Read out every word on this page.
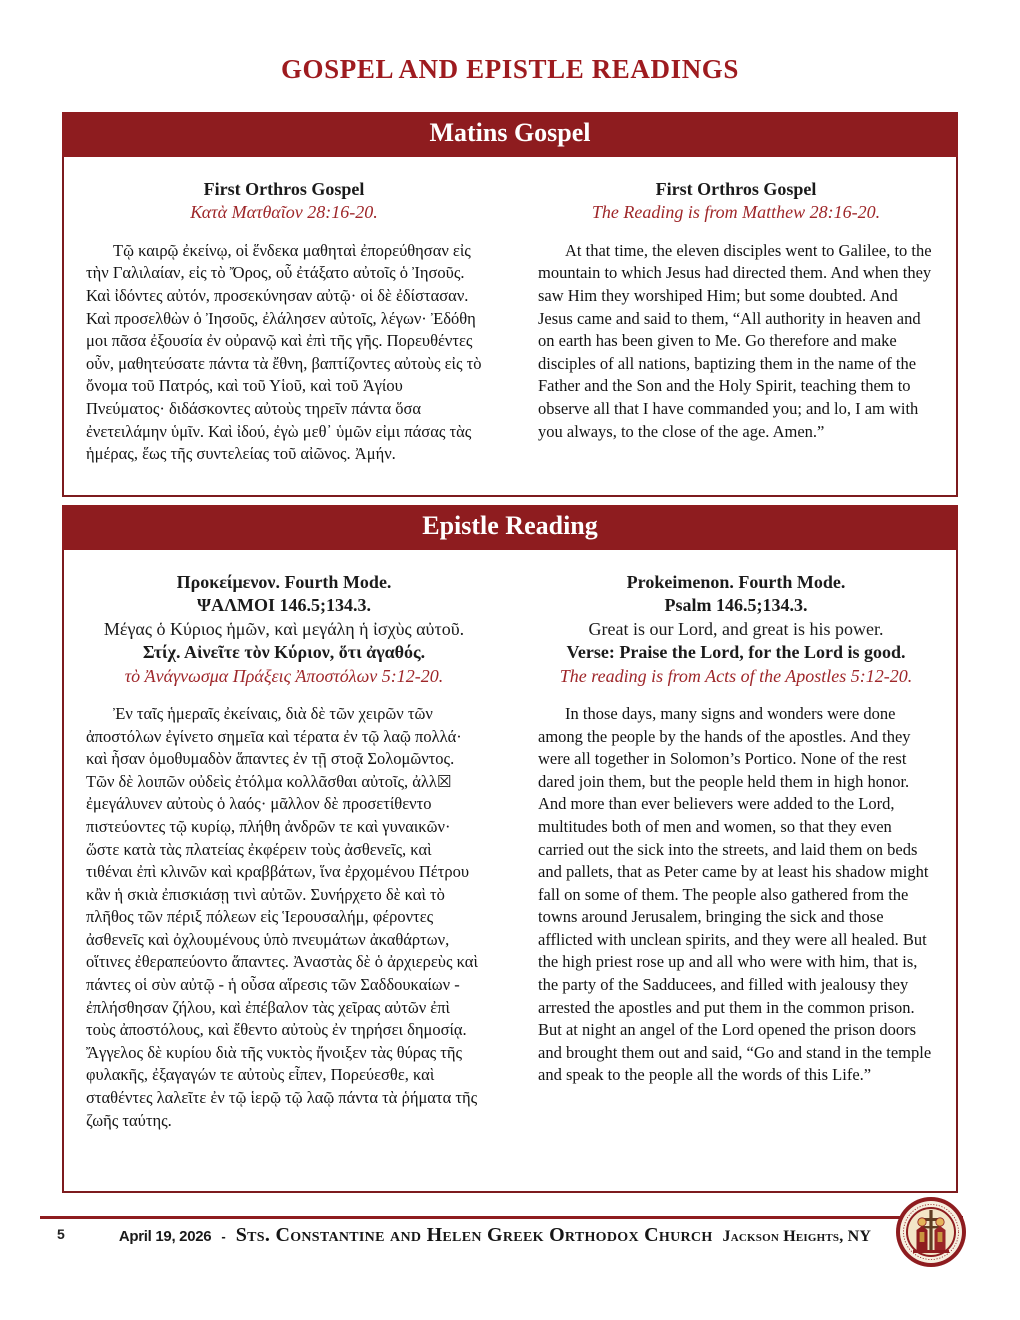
GOSPEL AND EPISTLE READINGS
Matins Gospel
First Orthros Gospel
Κατὰ Ματθαῖον 28:16-20.

Τῷ καιρῷ ἐκείνῳ, οἱ ἕνδεκα μαθηταὶ ἐπορεύθησαν εἰς τὴν Γαλιλαίαν, εἰς τὸ Ὄρος, οὗ ἐτάξατο αὐτοῖς ὁ Ἰησοῦς. Καὶ ἰδόντες αὐτόν, προσεκύνησαν αὐτῷ· οἱ δὲ ἐδίστασαν. Καὶ προσελθὼν ὁ Ἰησοῦς, ἐλάλησεν αὐτοῖς, λέγων· Ἐδόθη μοι πᾶσα ἐξουσία ἐν οὐρανῷ καὶ ἐπὶ τῆς γῆς. Πορευθέντες οὖν, μαθητεύσατε πάντα τὰ ἔθνη, βαπτίζοντες αὐτοὺς εἰς τὸ ὄνομα τοῦ Πατρός, καὶ τοῦ Υἱοῦ, καὶ τοῦ Ἁγίου Πνεύματος· διδάσκοντες αὐτοὺς τηρεῖν πάντα ὅσα ἐνετειλάμην ὑμῖν. Καὶ ἰδού, ἐγὼ μεθ᾽ ὑμῶν εἰμι πάσας τὰς ἡμέρας, ἕως τῆς συντελείας τοῦ αἰῶνος. Ἀμήν.

First Orthros Gospel
The Reading is from Matthew 28:16-20.

At that time, the eleven disciples went to Galilee, to the mountain to which Jesus had directed them. And when they saw Him they worshiped Him; but some doubted. And Jesus came and said to them, “All authority in heaven and on earth has been given to Me. Go therefore and make disciples of all nations, baptizing them in the name of the Father and the Son and the Holy Spirit, teaching them to observe all that I have commanded you; and lo, I am with you always, to the close of the age. Amen.”

Epistle Reading
Προκείμενον. Fourth Mode.
ΨΑΛΜΟΙ 146.5;134.3.
Μέγας ὁ Κύριος ἡμῶν, καὶ μεγάλη ἡ ἰσχὺς αὐτοῦ.
Στίχ. Αἰνεῖτε τὸν Κύριον, ὅτι ἀγαθός.
τὸ Ἀνάγνωσμα Πράξεις Ἀποστόλων 5:12-20.

Ἐν ταῖς ἡμεραῖς ἐκείναις, διὰ δὲ τῶν χειρῶν τῶν ἀποστόλων ἐγίνετο σημεῖα καὶ τέρατα ἐν τῷ λαῷ πολλά· καὶ ἦσαν ὁμοθυμαδὸν ἅπαντες ἐν τῇ στοᾷ Σολομῶντος. Τῶν δὲ λοιπῶν οὐδεὶς ἐτόλμα κολλᾶσθαι αὐτοῖς, ἀλλ☒ ἐμεγάλυνεν αὐτοὺς ὁ λαός· μᾶλλον δὲ προσετίθεντο πιστεύοντες τῷ κυρίῳ, πλήθη ἀνδρῶν τε καὶ γυναικῶν· ὥστε κατὰ τὰς πλατείας ἐκφέρειν τοὺς ἀσθενεῖς, καὶ τιθέναι ἐπὶ κλινῶν καὶ κραββάτων, ἵνα ἐρχομένου Πέτρου κἂν ἡ σκιὰ ἐπισκιάσῃ τινὶ αὐτῶν. Συνήρχετο δὲ καὶ τὸ πλῆθος τῶν πέριξ πόλεων εἰς Ἱερουσαλήμ, φέροντες ἀσθενεῖς καὶ ὀχλουμένους ὑπὸ πνευμάτων ἀκαθάρτων, οἵτινες ἐθεραπεύοντο ἅπαντες. Ἀναστὰς δὲ ὁ ἀρχιερεὺς καὶ πάντες οἱ σὺν αὐτῷ - ἡ οὖσα αἵρεσις τῶν Σαδδουκαίων - ἐπλήσθησαν ζήλου, καὶ ἐπέβαλον τὰς χεῖρας αὐτῶν ἐπὶ τοὺς ἀποστόλους, καὶ ἔθεντο αὐτοὺς ἐν τηρήσει δημοσίᾳ. Ἄγγελος δὲ κυρίου διὰ τῆς νυκτὸς ἤνοιξεν τὰς θύρας τῆς φυλακῆς, ἐξαγαγών τε αὐτοὺς εἶπεν, Πορεύεσθε, καὶ σταθέντες λαλεῖτε ἐν τῷ ἱερῷ τῷ λαῷ πάντα τὰ ῥήματα τῆς ζωῆς ταύτης.

Prokeimenon. Fourth Mode.
Psalm 146.5;134.3.
Great is our Lord, and great is his power.
Verse: Praise the Lord, for the Lord is good.
The reading is from Acts of the Apostles 5:12-20.

In those days, many signs and wonders were done among the people by the hands of the apostles. And they were all together in Solomon’s Portico. None of the rest dared join them, but the people held them in high honor. And more than ever believers were added to the Lord, multitudes both of men and women, so that they even carried out the sick into the streets, and laid them on beds and pallets, that as Peter came by at least his shadow might fall on some of them. The people also gathered from the towns around Jerusalem, bringing the sick and those afflicted with unclean spirits, and they were all healed. But the high priest rose up and all who were with him, that is, the party of the Sadducees, and filled with jealousy they arrested the apostles and put them in the common prison. But at night an angel of the Lord opened the prison doors and brought them out and said, “Go and stand in the temple and speak to the people all the words of this Life.”

5	April 19, 2026 - Sts. Constantine and Helen Greek Orthodox Church Jackson Heights, NY
